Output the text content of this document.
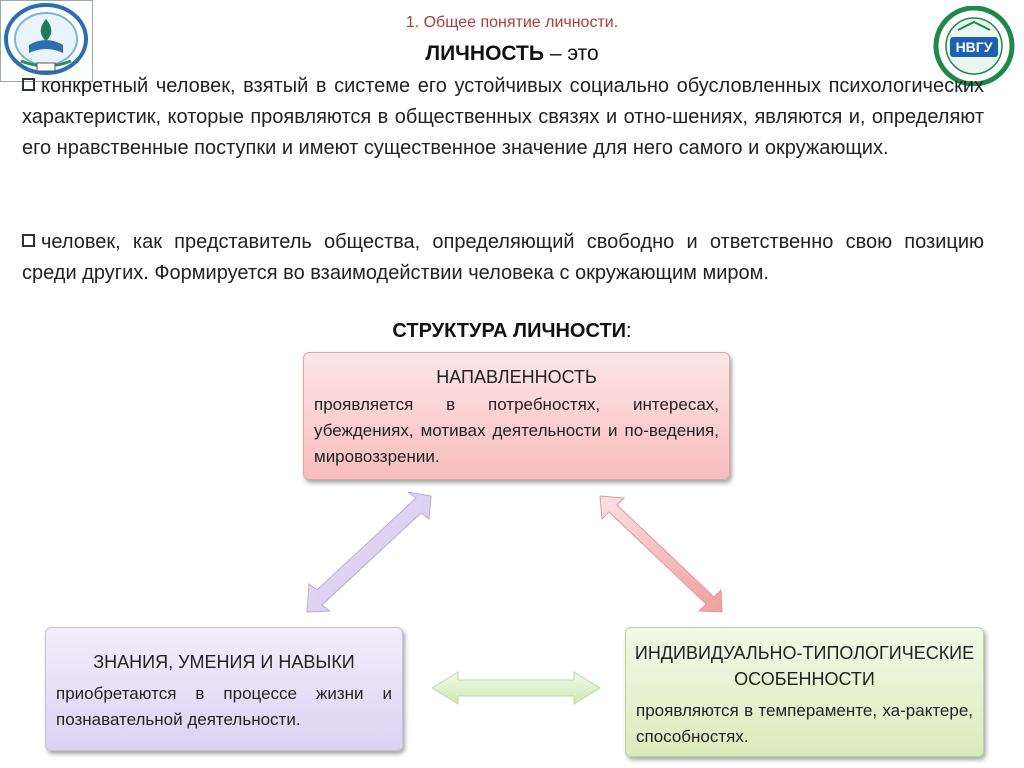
НВГУ
1. Общее понятие личности.
ЛИЧНОСТЬ – это
конкретный человек, взятый в системе его устойчивых социально обусловленных психологических характеристик, которые проявляются в общественных связях и отно-шениях, являются и, определяют его нравственные поступки и имеют существенное значение для него самого и окружающих.
человек, как представитель общества, определяющий свободно и ответственно свою позицию среди других. Формируется во взаимодействии человека с окружающим миром.
СТРУКТУРА ЛИЧНОСТИ:
НАПАВЛЕННОСТЬ
проявляется в потребностях, интересах, убеждениях, мотивах деятельности и по-ведения, мировоззрении.
ЗНАНИЯ, УМЕНИЯ И НАВЫКИ
приобретаются в процессе жизни и познавательной деятельности.
ИНДИВИДУАЛЬНО-ТИПОЛОГИЧЕСКИЕ ОСОБЕННОСТИ
проявляются в темпераменте, ха-рактере, способностях.
